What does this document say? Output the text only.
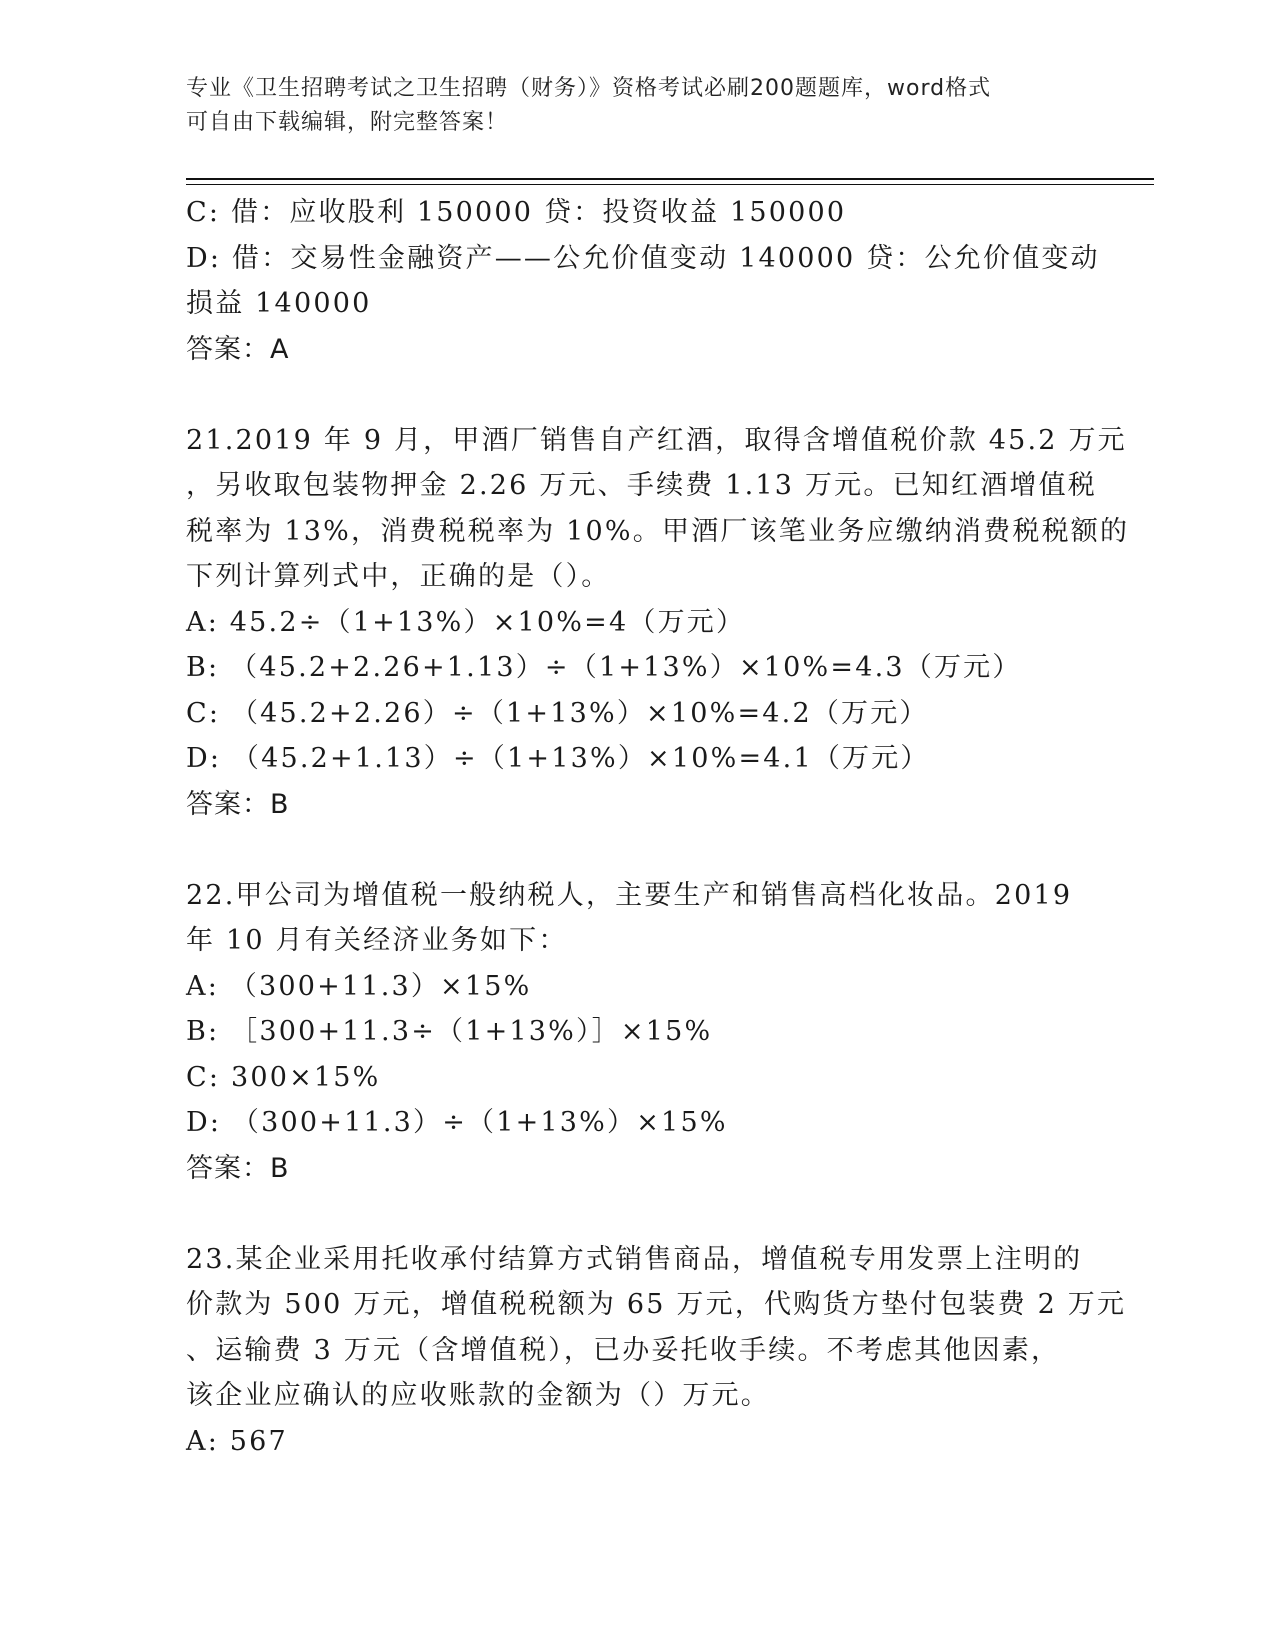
专业《卫生招聘考试之卫生招聘（财务）》资格考试必刷200题题库，word格式
可自由下载编辑，附完整答案！
C: 借：应收股利 150000 贷：投资收益 150000
D: 借：交易性金融资产——公允价值变动 140000 贷：公允价值变动
损益 140000
答案：A
21.2019 年 9 月，甲酒厂销售自产红酒，取得含增值税价款 45.2 万元
，另收取包装物押金 2.26 万元、手续费 1.13 万元。已知红酒增值税
税率为 13%，消费税税率为 10%。甲酒厂该笔业务应缴纳消费税税额的
下列计算列式中，正确的是（）。
A: 45.2÷（1+13%）×10%=4（万元）
B: （45.2+2.26+1.13）÷（1+13%）×10%=4.3（万元）
C: （45.2+2.26）÷（1+13%）×10%=4.2（万元）
D: （45.2+1.13）÷（1+13%）×10%=4.1（万元）
答案：B
22.甲公司为增值税一般纳税人，主要生产和销售高档化妆品。2019
年 10 月有关经济业务如下：
A: （300+11.3）×15%
B: ［300+11.3÷（1+13%）］×15%
C: 300×15%
D: （300+11.3）÷（1+13%）×15%
答案：B
23.某企业采用托收承付结算方式销售商品，增值税专用发票上注明的
价款为 500 万元，增值税税额为 65 万元，代购货方垫付包装费 2 万元
、运输费 3 万元（含增值税），已办妥托收手续。不考虑其他因素，
该企业应确认的应收账款的金额为（）万元。
A: 567
